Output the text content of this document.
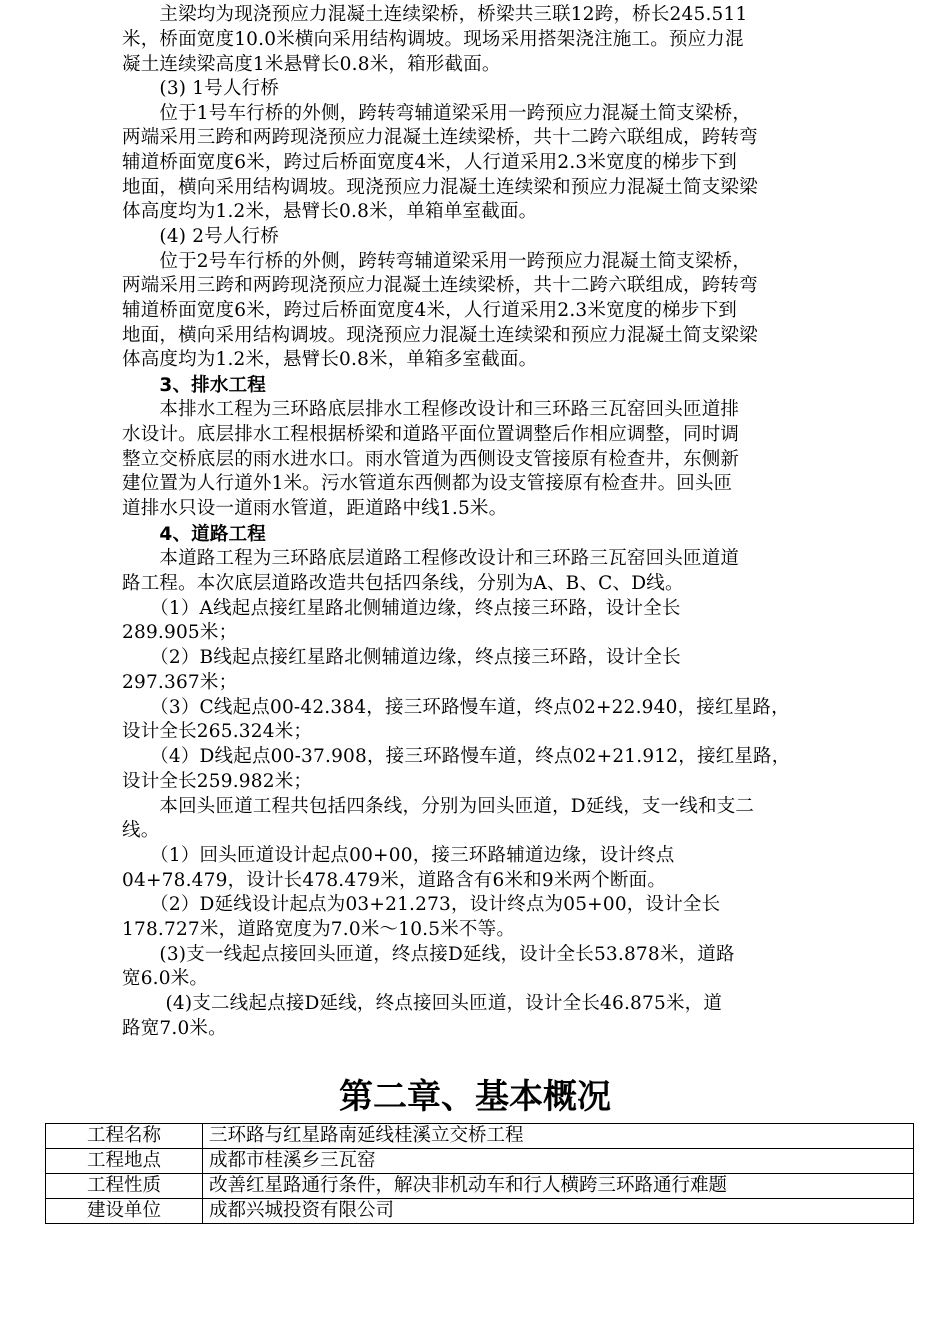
　　主梁均为现浇预应力混凝土连续梁桥，桥梁共三联12跨，桥长245.511
米，桥面宽度10.0米横向采用结构调坡。现场采用搭架浇注施工。预应力混
凝土连续梁高度1米悬臂长0.8米，箱形截面。
　　(3) 1号人行桥
　　位于1号车行桥的外侧，跨转弯辅道梁采用一跨预应力混凝土简支梁桥，
两端采用三跨和两跨现浇预应力混凝土连续梁桥，共十二跨六联组成，跨转弯
辅道桥面宽度6米，跨过后桥面宽度4米，人行道采用2.3米宽度的梯步下到
地面，横向采用结构调坡。现浇预应力混凝土连续梁和预应力混凝土简支梁梁
体高度均为1.2米，悬臂长0.8米，单箱单室截面。
　　(4) 2号人行桥
　　位于2号车行桥的外侧，跨转弯辅道梁采用一跨预应力混凝土简支梁桥，
两端采用三跨和两跨现浇预应力混凝土连续梁桥，共十二跨六联组成，跨转弯
辅道桥面宽度6米，跨过后桥面宽度4米，人行道采用2.3米宽度的梯步下到
地面，横向采用结构调坡。现浇预应力混凝土连续梁和预应力混凝土简支梁梁
体高度均为1.2米，悬臂长0.8米，单箱多室截面。
　　3、排水工程
　　本排水工程为三环路底层排水工程修改设计和三环路三瓦窑回头匝道排
水设计。底层排水工程根据桥梁和道路平面位置调整后作相应调整，同时调
整立交桥底层的雨水进水口。雨水管道为西侧设支管接原有检查井，东侧新
建位置为人行道外1米。污水管道东西侧都为设支管接原有检查井。回头匝
道排水只设一道雨水管道，距道路中线1.5米。
　　4、道路工程
　　本道路工程为三环路底层道路工程修改设计和三环路三瓦窑回头匝道道
路工程。本次底层道路改造共包括四条线，分别为A、B、C、D线。
　　（1）A线起点接红星路北侧辅道边缘，终点接三环路，设计全长
289.905米；
　　（2）B线起点接红星路北侧辅道边缘，终点接三环路，设计全长
297.367米；
　　（3）C线起点00-42.384，接三环路慢车道，终点02+22.940，接红星路，
设计全长265.324米；
　　（4）D线起点00-37.908，接三环路慢车道，终点02+21.912，接红星路，
设计全长259.982米；
　　本回头匝道工程共包括四条线，分别为回头匝道，D延线，支一线和支二
线。
　　（1）回头匝道设计起点00+00，接三环路辅道边缘，设计终点
04+78.479，设计长478.479米，道路含有6米和9米两个断面。
　　（2）D延线设计起点为03+21.273，设计终点为05+00，设计全长
178.727米，道路宽度为7.0米～10.5米不等。
　　(3)支一线起点接回头匝道，终点接D延线，设计全长53.878米，道路
宽6.0米。
　　 (4)支二线起点接D延线，终点接回头匝道，设计全长46.875米，道
路宽7.0米。
第二章、基本概况
工程名称	三环路与红星路南延线桂溪立交桥工程
工程地点	成都市桂溪乡三瓦窑
工程性质	改善红星路通行条件，解决非机动车和行人横跨三环路通行难题
建设单位	成都兴城投资有限公司
